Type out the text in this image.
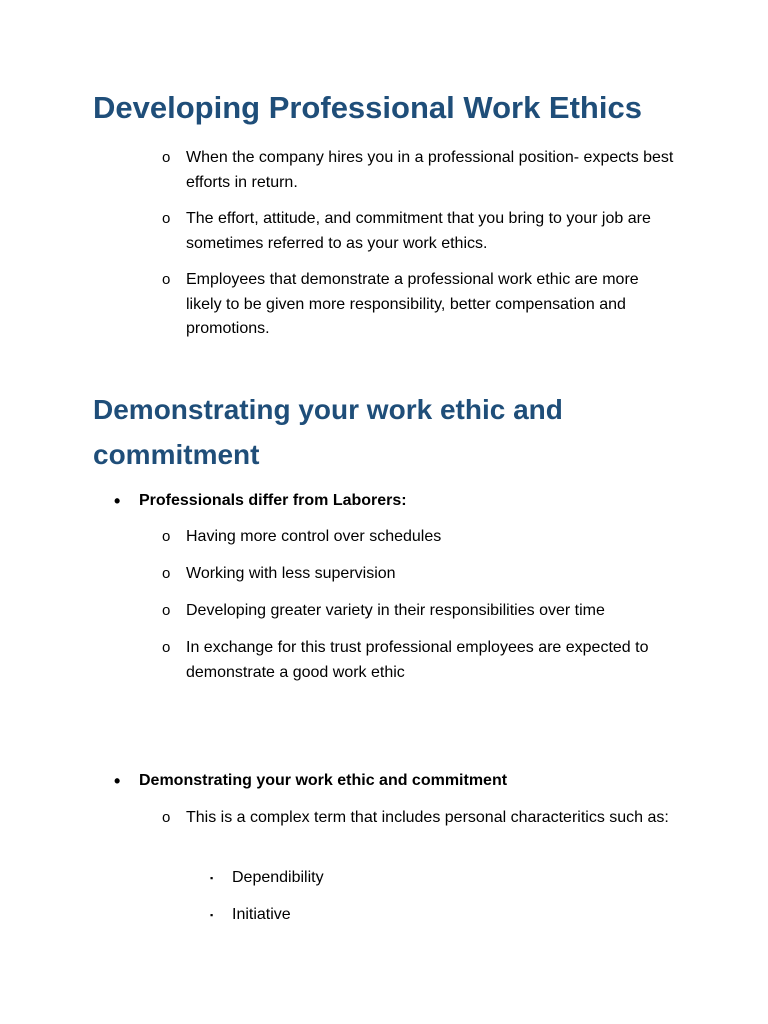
Developing Professional Work Ethics
o When the company hires you in a professional position- expects best efforts in return.
o The effort, attitude, and commitment that you bring to your job are sometimes referred to as your work ethics.
o Employees that demonstrate a professional work ethic are more likely to be given more responsibility, better compensation and promotions.
Demonstrating your work ethic and commitment
• Professionals differ from Laborers:
o Having more control over schedules
o Working with less supervision
o Developing greater variety in their responsibilities over time
o In exchange for this trust professional employees are expected to demonstrate a good work ethic
• Demonstrating your work ethic and commitment
o This is a complex term that includes personal characteritics such as:
▪ Dependibility
▪ Initiative
